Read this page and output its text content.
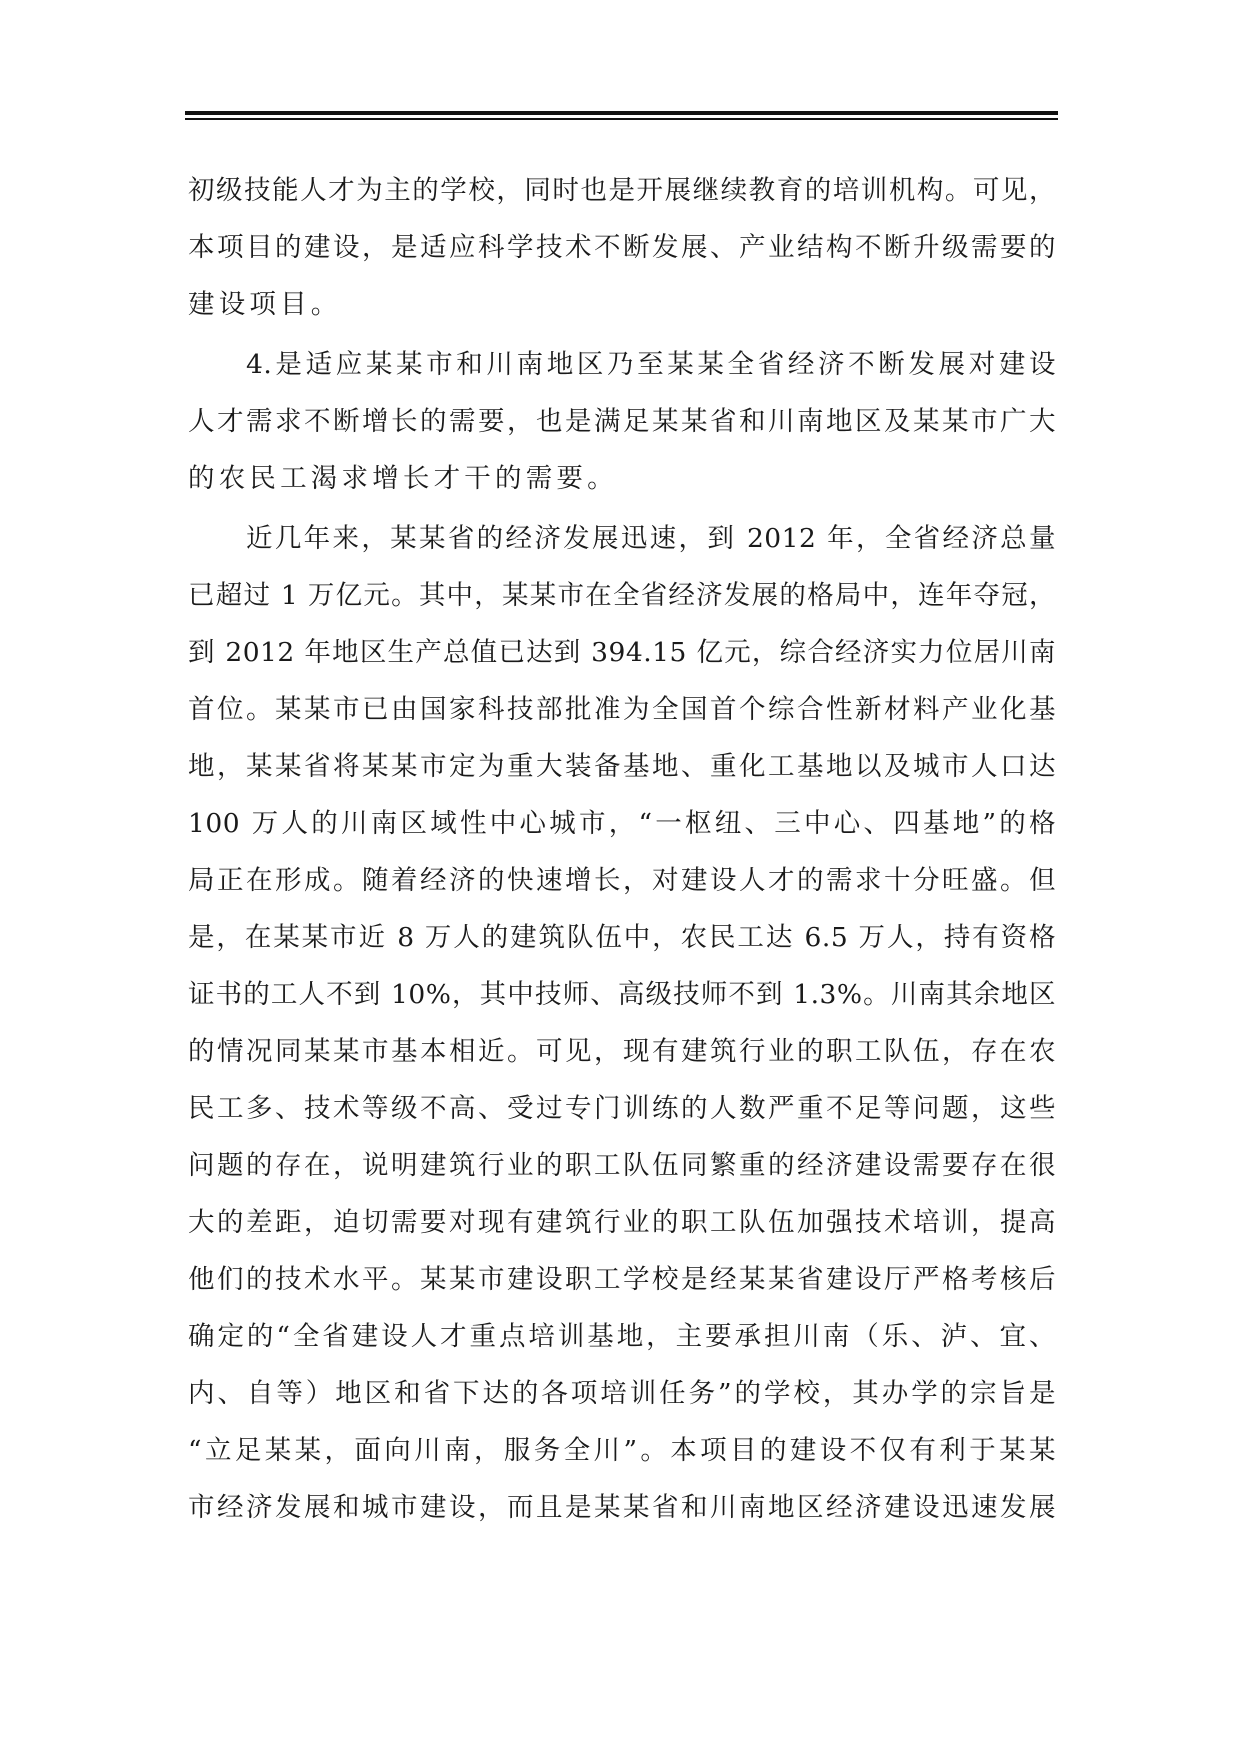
初级技能人才为主的学校，同时也是开展继续教育的培训机构。可见，
本项目的建设，是适应科学技术不断发展、产业结构不断升级需要的
建设项目。
4.是适应某某市和川南地区乃至某某全省经济不断发展对建设
人才需求不断增长的需要，也是满足某某省和川南地区及某某市广大
的农民工渴求增长才干的需要。
近几年来，某某省的经济发展迅速，到 2012 年，全省经济总量
已超过 1 万亿元。其中，某某市在全省经济发展的格局中，连年夺冠，
到 2012 年地区生产总值已达到 394.15 亿元，综合经济实力位居川南
首位。某某市已由国家科技部批准为全国首个综合性新材料产业化基
地，某某省将某某市定为重大装备基地、重化工基地以及城市人口达
100 万人的川南区域性中心城市，“一枢纽、三中心、四基地”的格
局正在形成。随着经济的快速增长，对建设人才的需求十分旺盛。但
是，在某某市近 8 万人的建筑队伍中，农民工达 6.5 万人，持有资格
证书的工人不到 10%，其中技师、高级技师不到 1.3%。川南其余地区
的情况同某某市基本相近。可见，现有建筑行业的职工队伍，存在农
民工多、技术等级不高、受过专门训练的人数严重不足等问题，这些
问题的存在，说明建筑行业的职工队伍同繁重的经济建设需要存在很
大的差距，迫切需要对现有建筑行业的职工队伍加强技术培训，提高
他们的技术水平。某某市建设职工学校是经某某省建设厅严格考核后
确定的“全省建设人才重点培训基地，主要承担川南（乐、泸、宜、
内、自等）地区和省下达的各项培训任务”的学校，其办学的宗旨是
“立足某某，面向川南，服务全川”。本项目的建设不仅有利于某某
市经济发展和城市建设，而且是某某省和川南地区经济建设迅速发展
